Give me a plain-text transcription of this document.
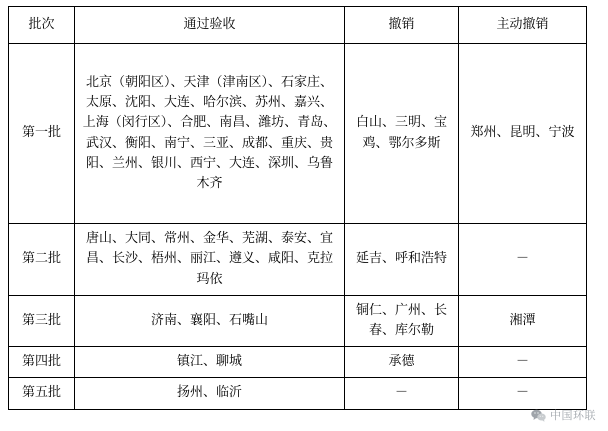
批次	通过验收	撤销	主动撤销
第一批	北京（朝阳区）、天津（津南区）、石家庄、太原、沈阳、大连、哈尔滨、苏州、嘉兴、上海（闵行区）、合肥、南昌、潍坊、青岛、武汉、衡阳、南宁、三亚、成都、重庆、贵阳、兰州、银川、西宁、大连、深圳、乌鲁木齐	白山、三明、宝鸡、鄂尔多斯	郑州、昆明、宁波
第二批	唐山、大同、常州、金华、芜湖、泰安、宜昌、长沙、梧州、丽江、遵义、咸阳、克拉玛依	延吉、呼和浩特	－
第三批	济南、襄阳、石嘴山	铜仁、广州、长春、库尔勒	湘潭
第四批	镇江、聊城	承德	－
第五批	扬州、临沂	－	－
中国环联
